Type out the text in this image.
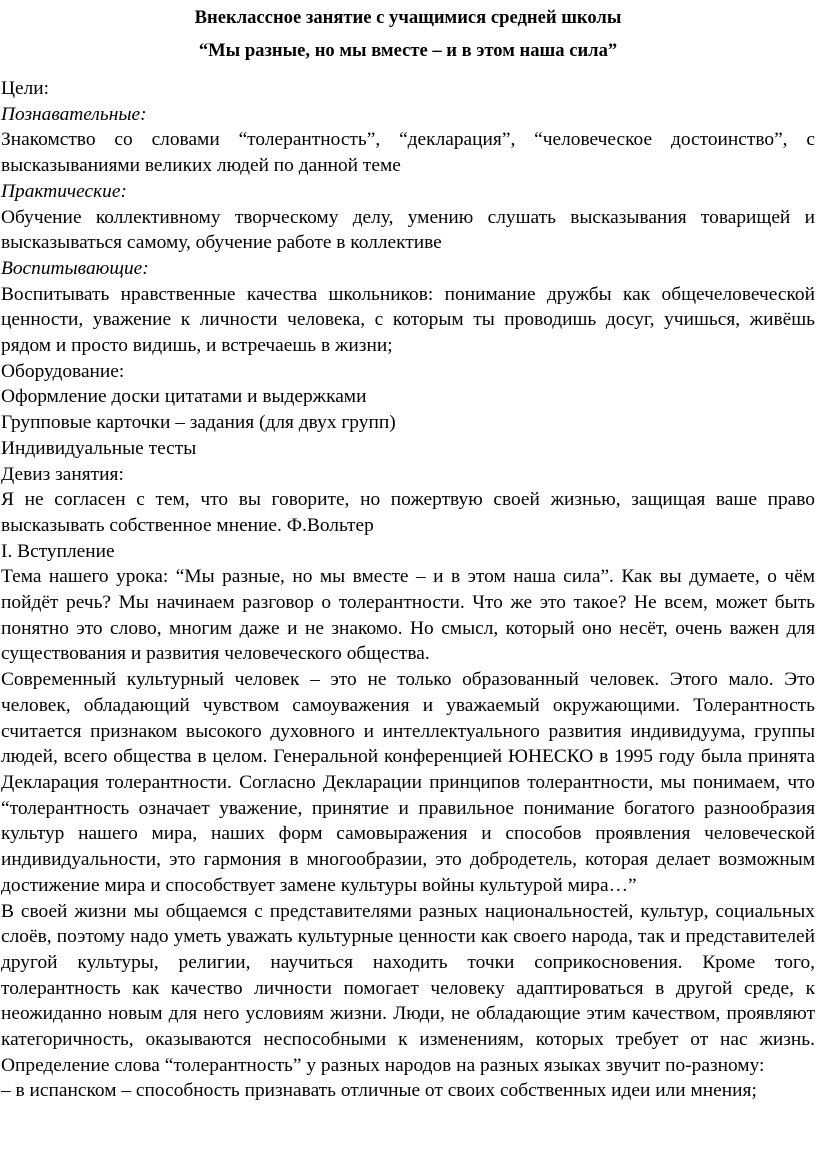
Внеклассное занятие с учащимися средней школы
“Мы разные, но мы вместе – и в этом наша сила”

Цели:

Познавательные:

Знакомство со словами “толерантность”, “декларация”, “человеческое достоинство”, с высказываниями великих людей по данной теме

Практические:

Обучение коллективному творческому делу, умению слушать высказывания товарищей и высказываться самому, обучение работе в коллективе

Воспитывающие:

Воспитывать нравственные качества школьников: понимание дружбы как общечеловеческой ценности, уважение к личности человека, с которым ты проводишь досуг, учишься, живёшь рядом и просто видишь, и встречаешь в жизни;

Оборудование:

Оформление доски цитатами и выдержками

Групповые карточки – задания (для двух групп)

Индивидуальные тесты

Девиз занятия:

Я не согласен с тем, что вы говорите, но пожертвую своей жизнью, защищая ваше право высказывать собственное мнение. Ф.Вольтер

I. Вступление

Тема нашего урока: “Мы разные, но мы вместе – и в этом наша сила”. Как вы думаете, о чём пойдёт речь? Мы начинаем разговор о толерантности. Что же это такое? Не всем, может быть понятно это слово, многим даже и не знакомо. Но смысл, который оно несёт, очень важен для существования и развития человеческого общества.

Современный культурный человек – это не только образованный человек. Этого мало. Это человек, обладающий чувством самоуважения и уважаемый окружающими. Толерантность считается признаком высокого духовного и интеллектуального развития индивидуума, группы людей, всего общества в целом. Генеральной конференцией ЮНЕСКО в 1995 году была принята Декларация толерантности. Согласно Декларации принципов толерантности, мы понимаем, что “толерантность означает уважение, принятие и правильное понимание богатого разнообразия культур нашего мира, наших форм самовыражения и способов проявления человеческой индивидуальности, это гармония в многообразии, это добродетель, которая делает возможным достижение мира и способствует замене культуры войны культурой мира…”

В своей жизни мы общаемся с представителями разных национальностей, культур, социальных слоёв, поэтому надо уметь уважать культурные ценности как своего народа, так и представителей другой культуры, религии, научиться находить точки соприкосновения. Кроме того, толерантность как качество личности помогает человеку адаптироваться в другой среде, к неожиданно новым для него условиям жизни. Люди, не обладающие этим качеством, проявляют категоричность, оказываются неспособными к изменениям, которых требует от нас жизнь. Определение слова “толерантность” у разных народов на разных языках звучит по-разному:

– в испанском – способность признавать отличные от своих собственных идеи или мнения;
